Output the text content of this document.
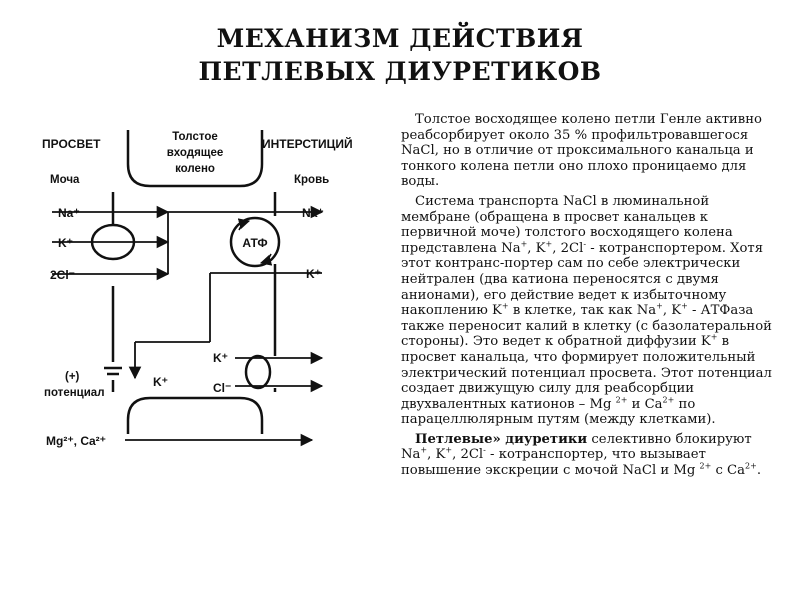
МЕХАНИЗМ ДЕЙСТВИЯ
ПЕТЛЕВЫХ ДИУРЕТИКОВ
ПРОСВЕТ	Толстое
входящее
колено
ИНТЕРСТИЦИЙ
Моча	Кровь
Na⁺
K⁺
2Cl⁻
АТФ
Na⁺
K⁺
K⁺
(+)
потенциал
K⁺
Cl⁻
Mg²⁺, Ca²⁺

Толстое восходящее колено петли Генле активно реабсорбирует около 35 % профильтровавшегося NaCl, но в отличие от проксимального канальца и тонкого колена петли оно плохо проницаемо для воды.

Система транспорта NaCl в люминальной мембране (обращена в просвет канальцев к первичной моче) толстого восходящего колена представлена Na+, K+, 2Cl- - котранспортером. Хотя этот контранс-портер сам по себе электрически нейтрален (два катиона переносятся с двумя анионами), его действие ведет к избыточному накоплению K+ в клетке, так как Na+, K+ - АТФаза также переносит калий в клетку (с базолатеральной стороны). Это ведет к обратной диффузии K+ в просвет канальца, что формирует положительный электрический потенциал просвета. Этот потенциал создает движущую силу для реабсорбции двухвалентных катионов – Mg $^{2+}$ и $Ca^{2+}$ по парацеллюлярным путям (между клетками).

Петлевые» диуретики селективно блокируют Na+, K+, 2Cl- - котранспортер, что вызывает повышение экскреции с мочой NaCl и Mg $^{2+}$ с $Ca^{2+}$.
